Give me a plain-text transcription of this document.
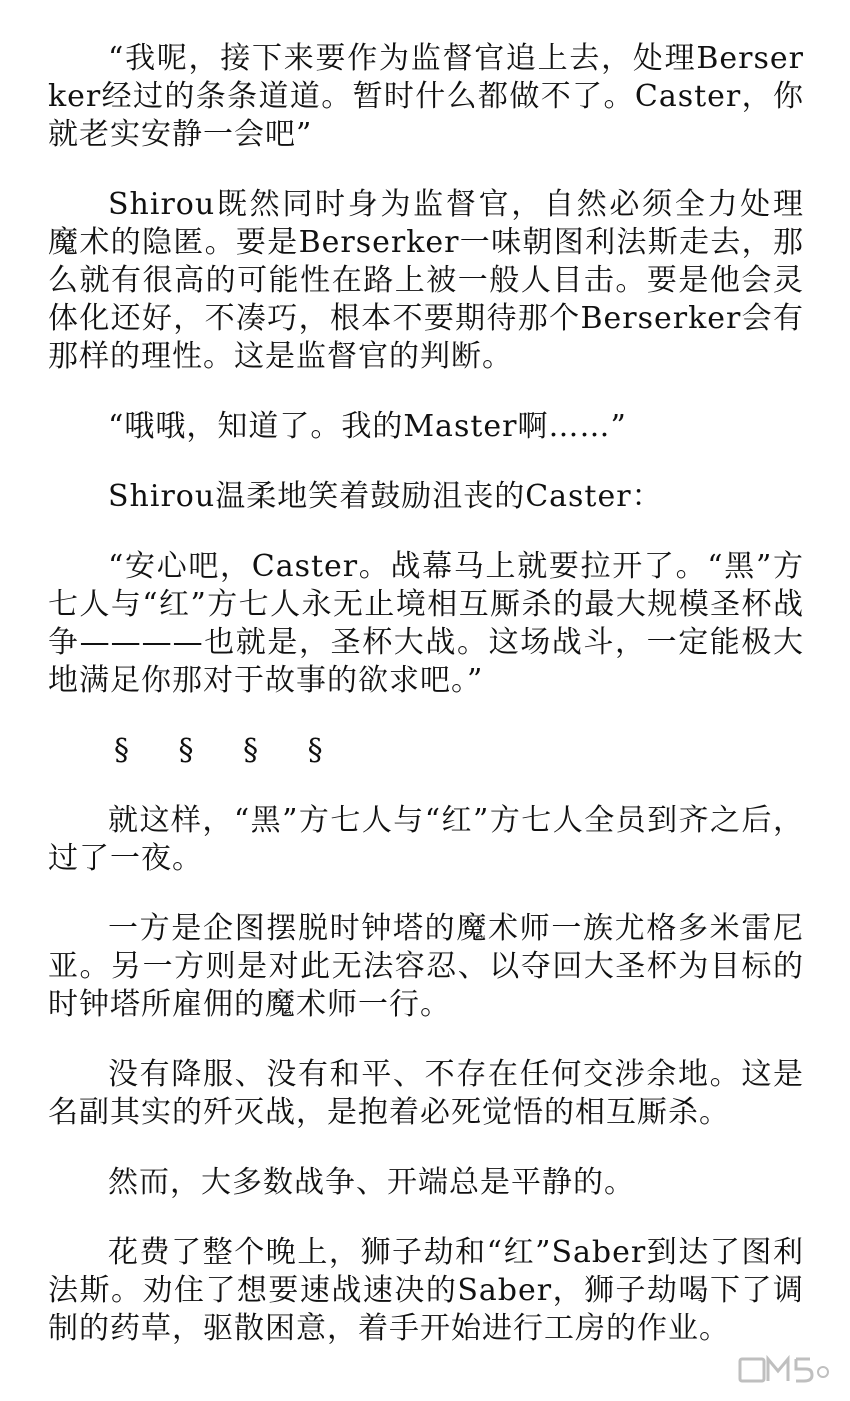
“我呢，接下来要作为监督官追上去，处理Berserker经过的条条道道。暂时什么都做不了。Caster，你就老实安静一会吧”

Shirou既然同时身为监督官，自然必须全力处理魔术的隐匿。要是Berserker一味朝图利法斯走去，那么就有很高的可能性在路上被一般人目击。要是他会灵体化还好，不凑巧，根本不要期待那个Berserker会有那样的理性。这是监督官的判断。

“哦哦，知道了。我的Master啊……”

Shirou温柔地笑着鼓励沮丧的Caster：

“安心吧，Caster。战幕马上就要拉开了。“黑”方七人与“红”方七人永无止境相互厮杀的最大规模圣杯战争————也就是，圣杯大战。这场战斗，一定能极大地满足你那对于故事的欲求吧。”

§ § § §

就这样，“黑”方七人与“红”方七人全员到齐之后，过了一夜。

一方是企图摆脱时钟塔的魔术师一族尤格多米雷尼亚。另一方则是对此无法容忍、以夺回大圣杯为目标的时钟塔所雇佣的魔术师一行。

没有降服、没有和平、不存在任何交涉余地。这是名副其实的歼灭战，是抱着必死觉悟的相互厮杀。

然而，大多数战争、开端总是平静的。

花费了整个晚上，狮子劫和“红”Saber到达了图利法斯。劝住了想要速战速决的Saber，狮子劫喝下了调制的药草，驱散困意，着手开始进行工房的作业。
